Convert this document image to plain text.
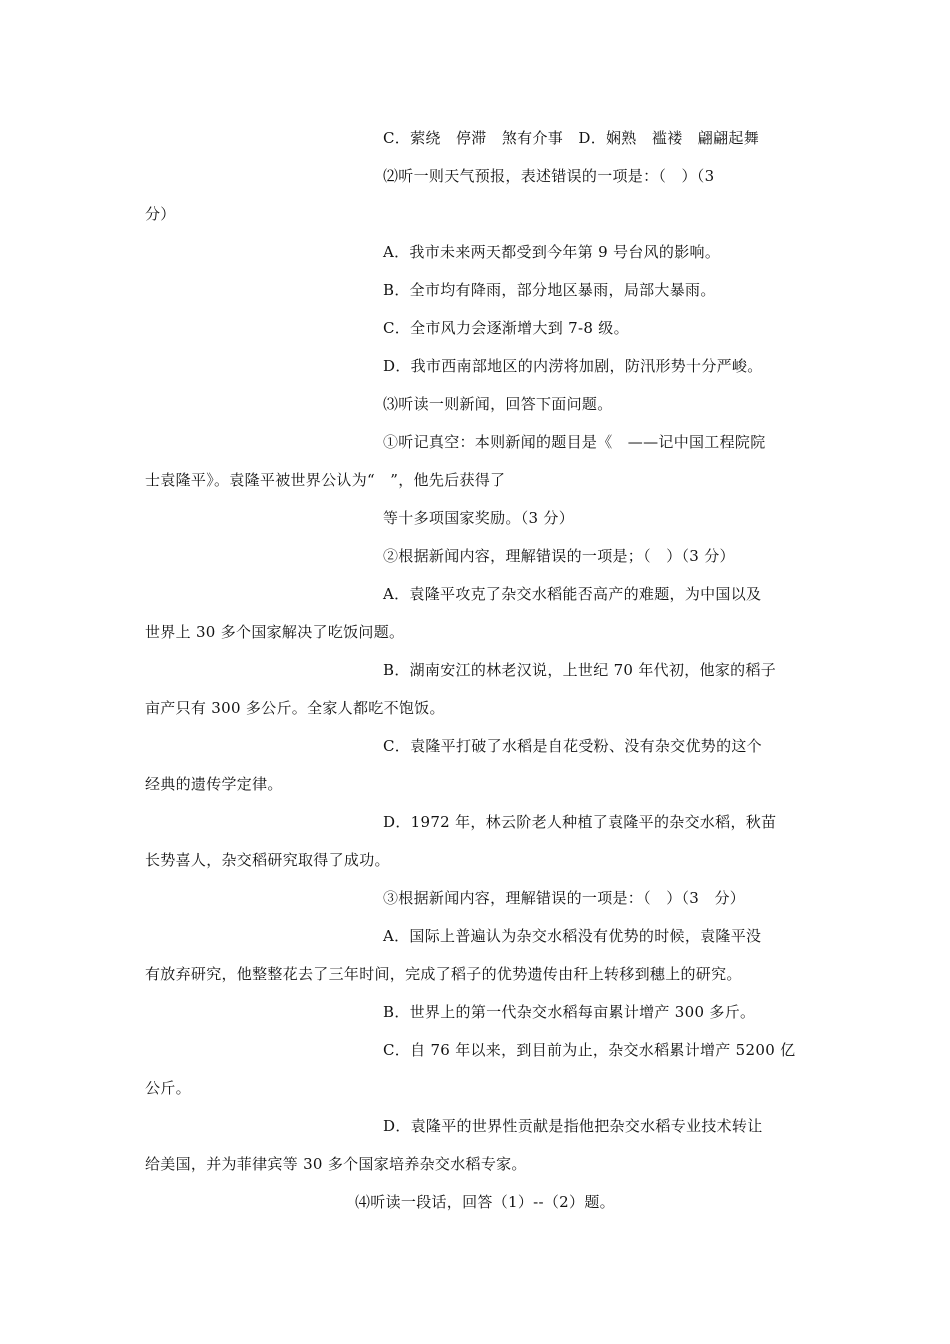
C．萦绕　停滞　煞有介事　D．娴熟　褴褛　翩翩起舞
⑵听一则天气预报，表述错误的一项是：（　）（3
分）
A．我市未来两天都受到今年第 9 号台风的影响。
B．全市均有降雨，部分地区暴雨，局部大暴雨。
C．全市风力会逐渐增大到 7-8 级。
D．我市西南部地区的内涝将加剧，防汛形势十分严峻。
⑶听读一则新闻，回答下面问题。
①听记真空：本则新闻的题目是《　——记中国工程院院
士袁隆平》。袁隆平被世界公认为“　”，他先后获得了
等十多项国家奖励。（3 分）
②根据新闻内容，理解错误的一项是；（　）（3 分）
A．袁隆平攻克了杂交水稻能否高产的难题，为中国以及
世界上 30 多个国家解决了吃饭问题。
B．湖南安江的林老汉说，上世纪 70 年代初，他家的稻子
亩产只有 300 多公斤。全家人都吃不饱饭。
C．袁隆平打破了水稻是自花受粉、没有杂交优势的这个
经典的遗传学定律。
D．1972 年，林云阶老人种植了袁隆平的杂交水稻，秋苗
长势喜人，杂交稻研究取得了成功。
③根据新闻内容，理解错误的一项是：（　）（3　分）
A．国际上普遍认为杂交水稻没有优势的时候，袁隆平没
有放弃研究，他整整花去了三年时间，完成了稻子的优势遗传由秆上转移到穗上的研究。
B．世界上的第一代杂交水稻每亩累计增产 300 多斤。
C．自 76 年以来，到目前为止，杂交水稻累计增产 5200 亿
公斤。
D．袁隆平的世界性贡献是指他把杂交水稻专业技术转让
给美国，并为菲律宾等 30 多个国家培养杂交水稻专家。
⑷听读一段话，回答（1）--（2）题。
